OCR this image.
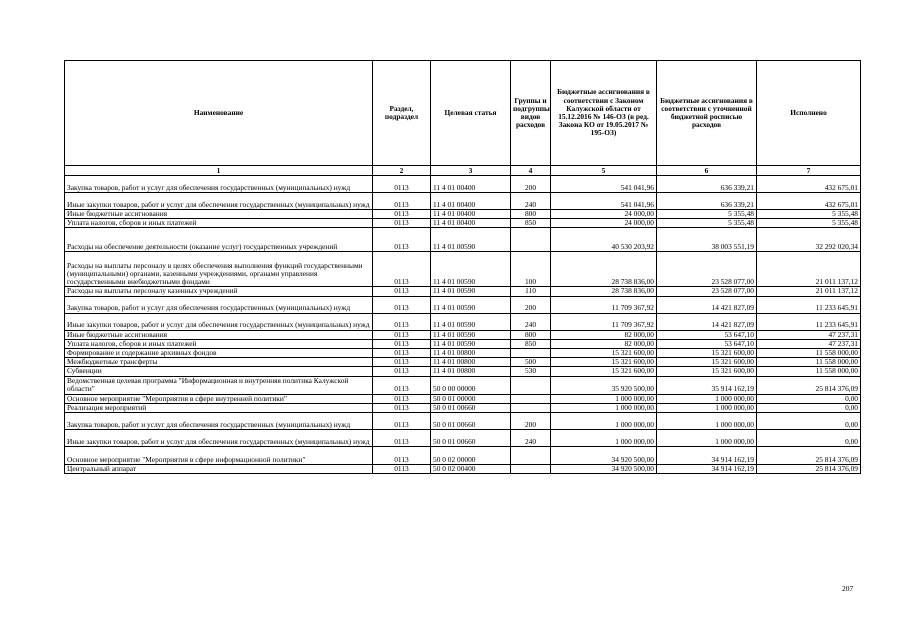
Наименование	Раздел, подраздел	Целевая статья	Группы и подгруппы видов расходов	Бюджетные ассигнования в соответствии с Законом Калужской области от 15.12.2016 № 146-ОЗ (в ред. Закона КО от 19.05.2017 № 195-ОЗ)	Бюджетные ассигнования в соответствии с уточненной бюджетной росписью расходов	Исполнено
1	2	3	4	5	6	7
Закупка товаров, работ и услуг для обеспечения государственных (муниципальных) нужд	0113	11 4 01 00400	200	541 041,96	636 339,21	432 675,01
Иные закупки товаров, работ и услуг для обеспечения государственных (муниципальных) нужд	0113	11 4 01 00400	240	541 041,96	636 339,21	432 675,01
Иные бюджетные ассигнования	0113	11 4 01 00400	800	24 000,00	5 355,48	5 355,48
Уплата налогов, сборов и иных платежей	0113	11 4 01 00400	850	24 000,00	5 355,48	5 355,48
Расходы на обеспечение деятельности (оказание услуг) государственных учреждений	0113	11 4 01 00590		40 530 203,92	38 003 551,19	32 292 020,34
Расходы на выплаты персоналу в целях обеспечения выполнения функций государственными (муниципальными) органами, казенными учреждениями, органами управления государственными внебюджетными фондами	0113	11 4 01 00590	100	28 738 836,00	23 528 077,00	21 011 137,12
Расходы на выплаты персоналу казенных учреждений	0113	11 4 01 00590	110	28 738 836,00	23 528 077,00	21 011 137,12
Закупка товаров, работ и услуг для обеспечения государственных (муниципальных) нужд	0113	11 4 01 00590	200	11 709 367,92	14 421 827,09	11 233 645,91
Иные закупки товаров, работ и услуг для обеспечения государственных (муниципальных) нужд	0113	11 4 01 00590	240	11 709 367,92	14 421 827,09	11 233 645,91
Иные бюджетные ассигнования	0113	11 4 01 00590	800	82 000,00	53 647,10	47 237,31
Уплата налогов, сборов и иных платежей	0113	11 4 01 00590	850	82 000,00	53 647,10	47 237,31
Формирование и содержание архивных фондов	0113	11 4 01 00800		15 321 600,00	15 321 600,00	11 558 000,00
Межбюджетные трансферты	0113	11 4 01 00800	500	15 321 600,00	15 321 600,00	11 558 000,00
Субвенции	0113	11 4 01 00800	530	15 321 600,00	15 321 600,00	11 558 000,00
Ведомственная целевая программа "Информационная и внутренняя политика Калужской области"	0113	50 0 00 00000		35 920 500,00	35 914 162,19	25 814 376,09
Основное мероприятие "Мероприятия в сфере внутренней политики"	0113	50 0 01 00000		1 000 000,00	1 000 000,00	0,00
Реализация мероприятий	0113	50 0 01 00660		1 000 000,00	1 000 000,00	0,00
Закупка товаров, работ и услуг для обеспечения государственных (муниципальных) нужд	0113	50 0 01 00660	200	1 000 000,00	1 000 000,00	0,00
Иные закупки товаров, работ и услуг для обеспечения государственных (муниципальных) нужд	0113	50 0 01 00660	240	1 000 000,00	1 000 000,00	0,00
Основное мероприятие "Мероприятия в сфере информационной политики"	0113	50 0 02 00000		34 920 500,00	34 914 162,19	25 814 376,09
Центральный аппарат	0113	50 0 02 00400		34 920 500,00	34 914 162,19	25 814 376,09
207
